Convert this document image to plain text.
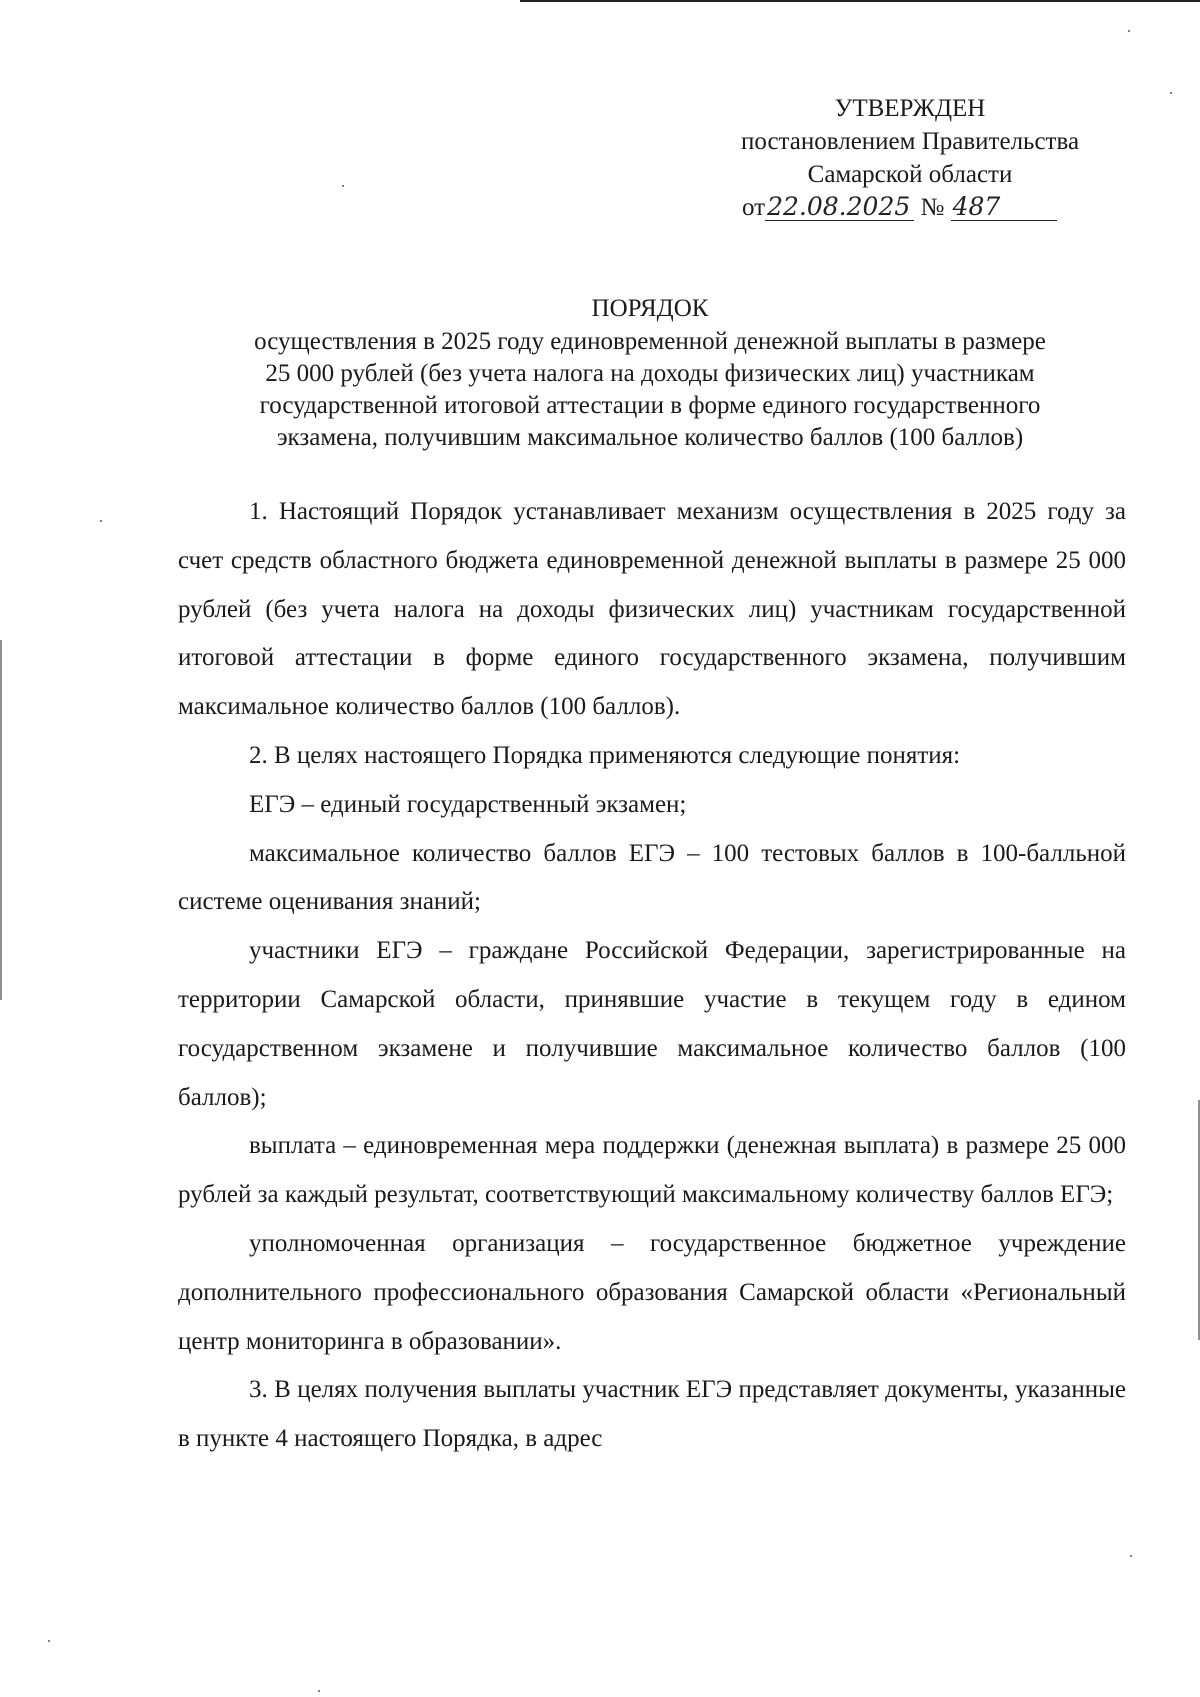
УТВЕРЖДЕН
постановлением Правительства
Самарской области
от22.08.2025 № 487
ПОРЯДОК
осуществления в 2025 году единовременной денежной выплаты в размере
25 000 рублей (без учета налога на доходы физических лиц) участникам
государственной итоговой аттестации в форме единого государственного
экзамена, получившим максимальное количество баллов (100 баллов)

1. Настоящий Порядок устанавливает механизм осуществления в 2025 году за счет средств областного бюджета единовременной денежной выплаты в размере 25 000 рублей (без учета налога на доходы физических лиц) участникам государственной итоговой аттестации в форме единого государственного экзамена, получившим максимальное количество баллов (100 баллов).

2. В целях настоящего Порядка применяются следующие понятия:

ЕГЭ – единый государственный экзамен;

максимальное количество баллов ЕГЭ – 100 тестовых баллов в 100-балльной системе оценивания знаний;

участники ЕГЭ – граждане Российской Федерации, зарегистрированные на территории Самарской области, принявшие участие в текущем году в едином государственном экзамене и получившие максимальное количество баллов (100 баллов);

выплата – единовременная мера поддержки (денежная выплата) в размере 25 000 рублей за каждый результат, соответствующий максимальному количеству баллов ЕГЭ;

уполномоченная организация – государственное бюджетное учреждение дополнительного профессионального образования Самарской области «Региональный центр мониторинга в образовании».

3. В целях получения выплаты участник ЕГЭ представляет документы, указанные в пункте 4 настоящего Порядка, в адрес
